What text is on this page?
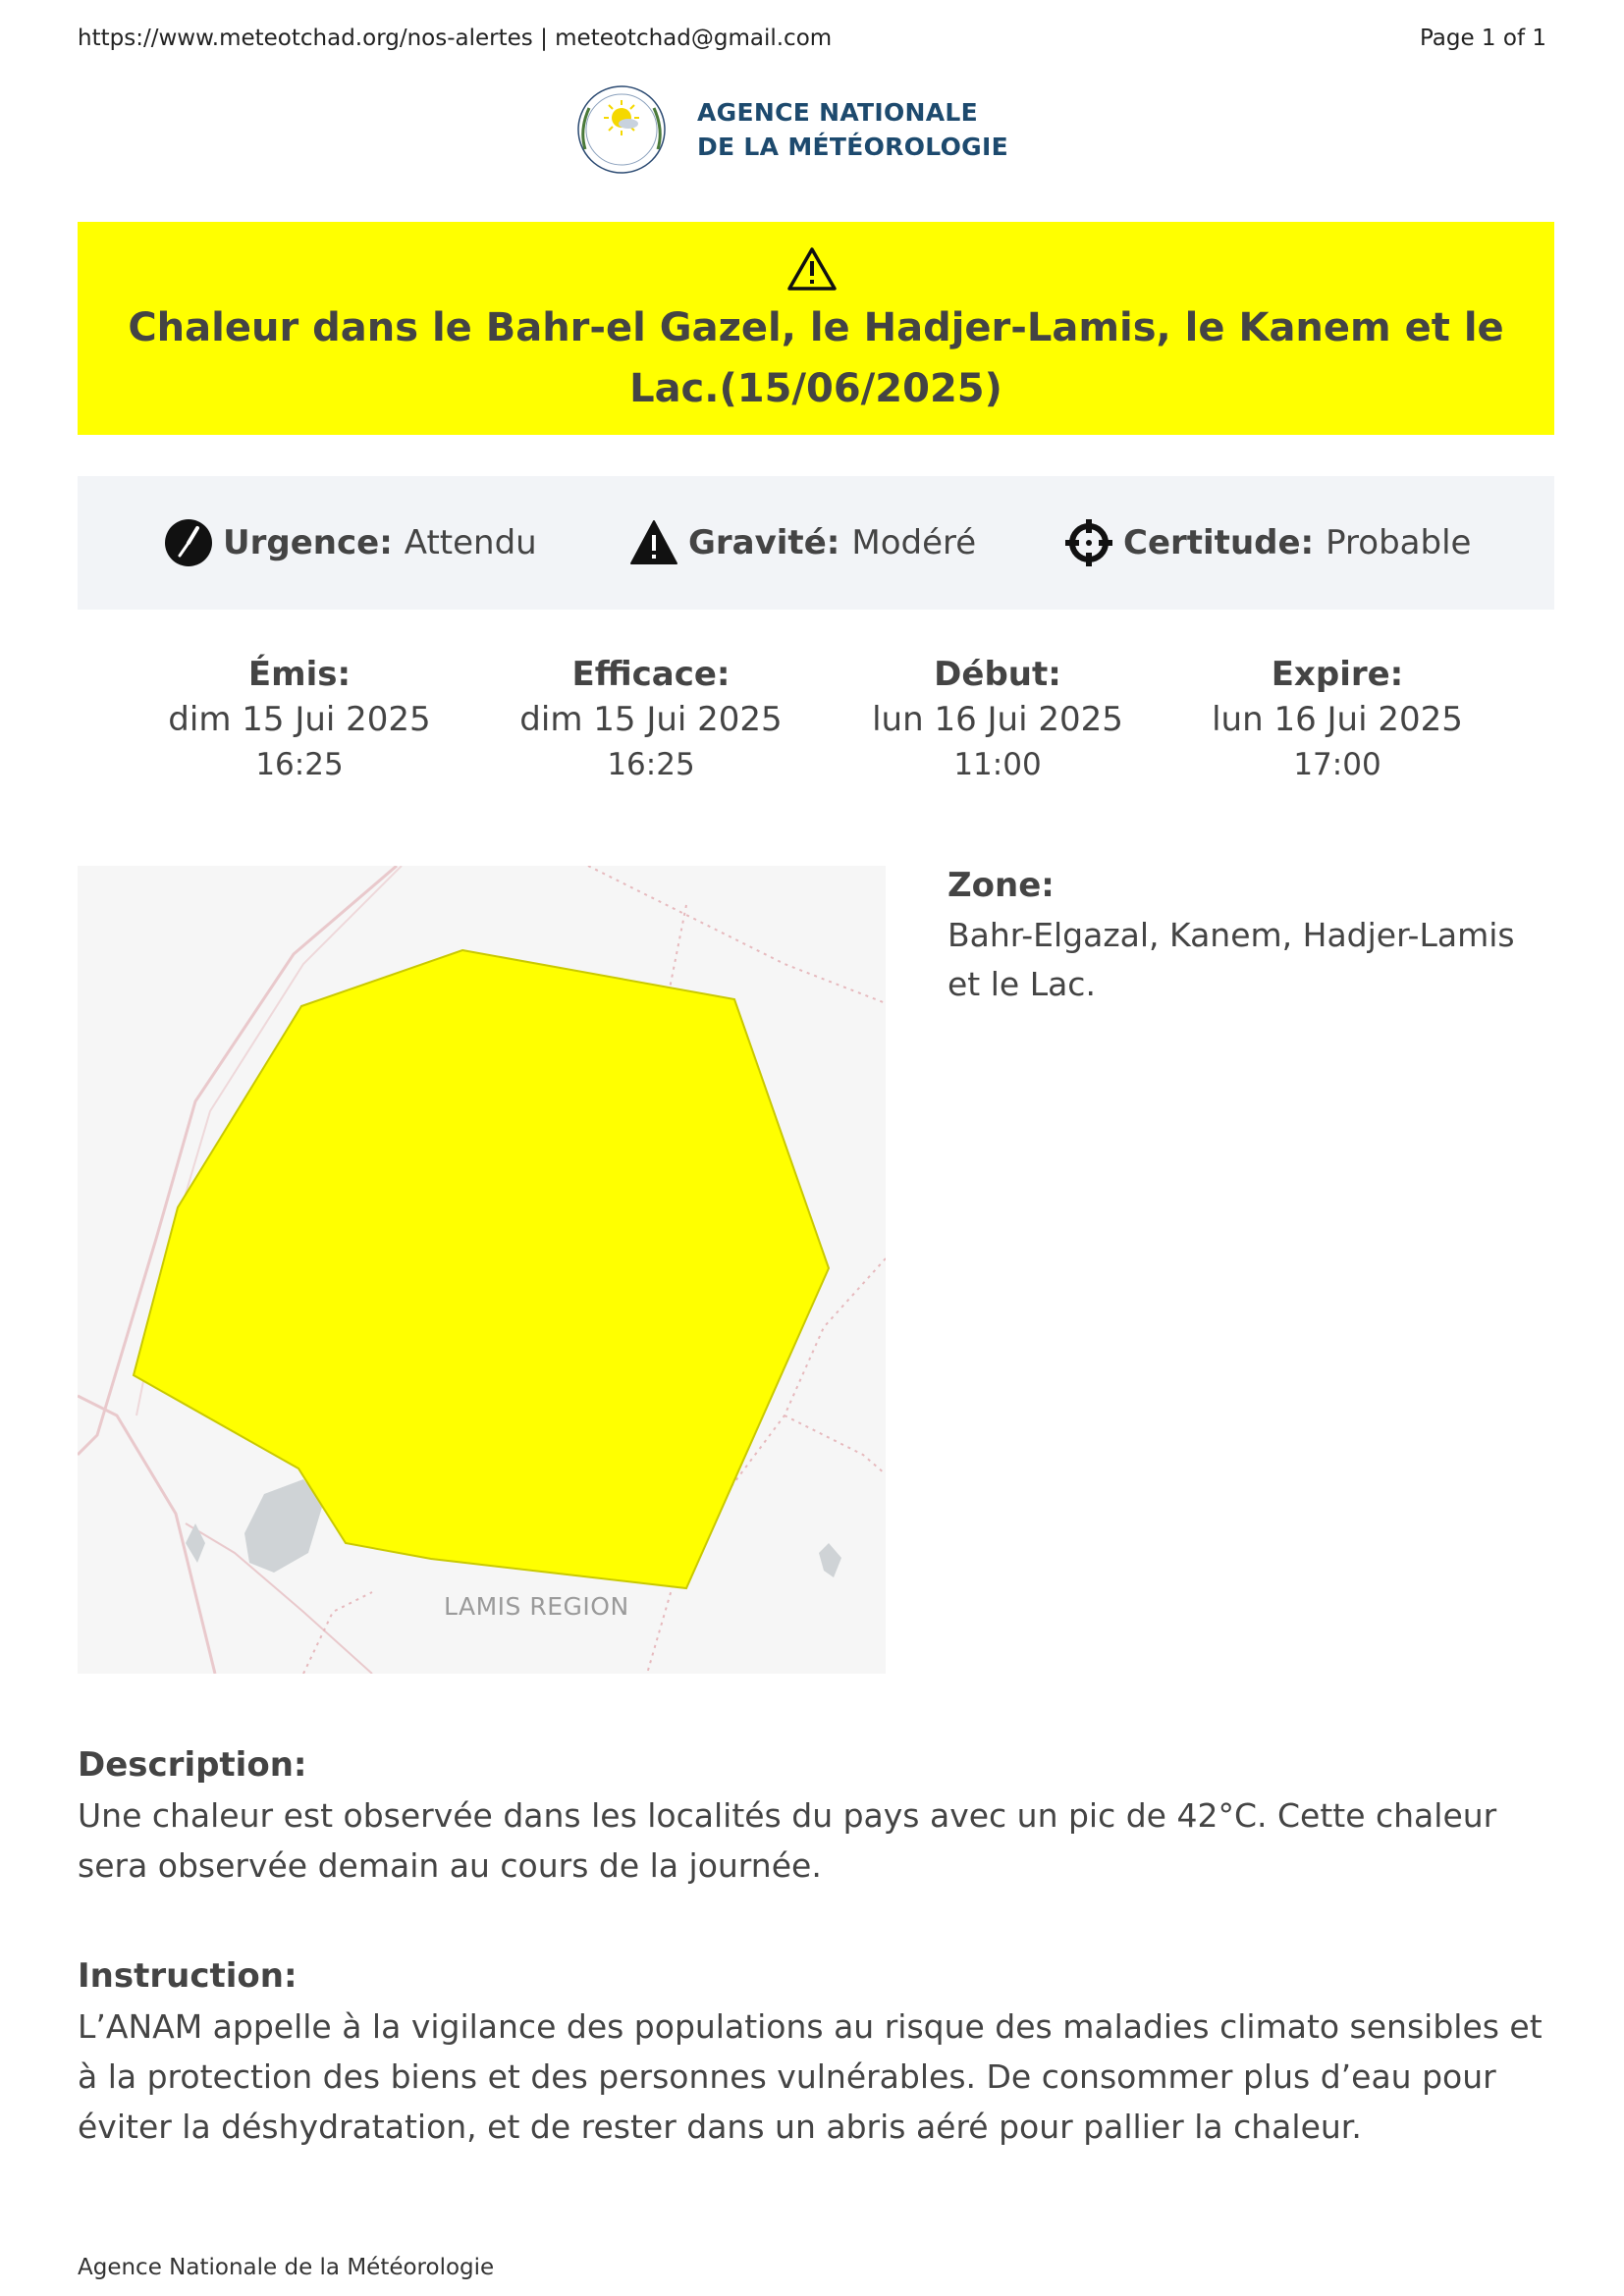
https://www.meteotchad.org/nos-alertes | meteotchad@gmail.com	Page 1 of 1
AGENCE NATIONALE
DE LA MÉTÉOROLOGIE
Chaleur dans le Bahr-el Gazel, le Hadjer-Lamis, le Kanem et le Lac.(15/06/2025)
Urgence: Attendu	Gravité: Modéré	Certitude: Probable
Émis:
dim 15 Jui 2025
16:25
Efficace:
dim 15 Jui 2025
16:25
Début:
lun 16 Jui 2025
11:00
Expire:
lun 16 Jui 2025
17:00
LAMIS REGION
Zone:
Bahr-Elgazal, Kanem, Hadjer-Lamis et le Lac.
Description:
Une chaleur est observée dans les localités du pays avec un pic de 42°C. Cette chaleur sera observée demain au cours de la journée.
Instruction:
L’ANAM appelle à la vigilance des populations au risque des maladies climato sensibles et à la protection des biens et des personnes vulnérables. De consommer plus d’eau pour éviter la déshydratation, et de rester dans un abris aéré pour pallier la chaleur.
Agence Nationale de la Météorologie
